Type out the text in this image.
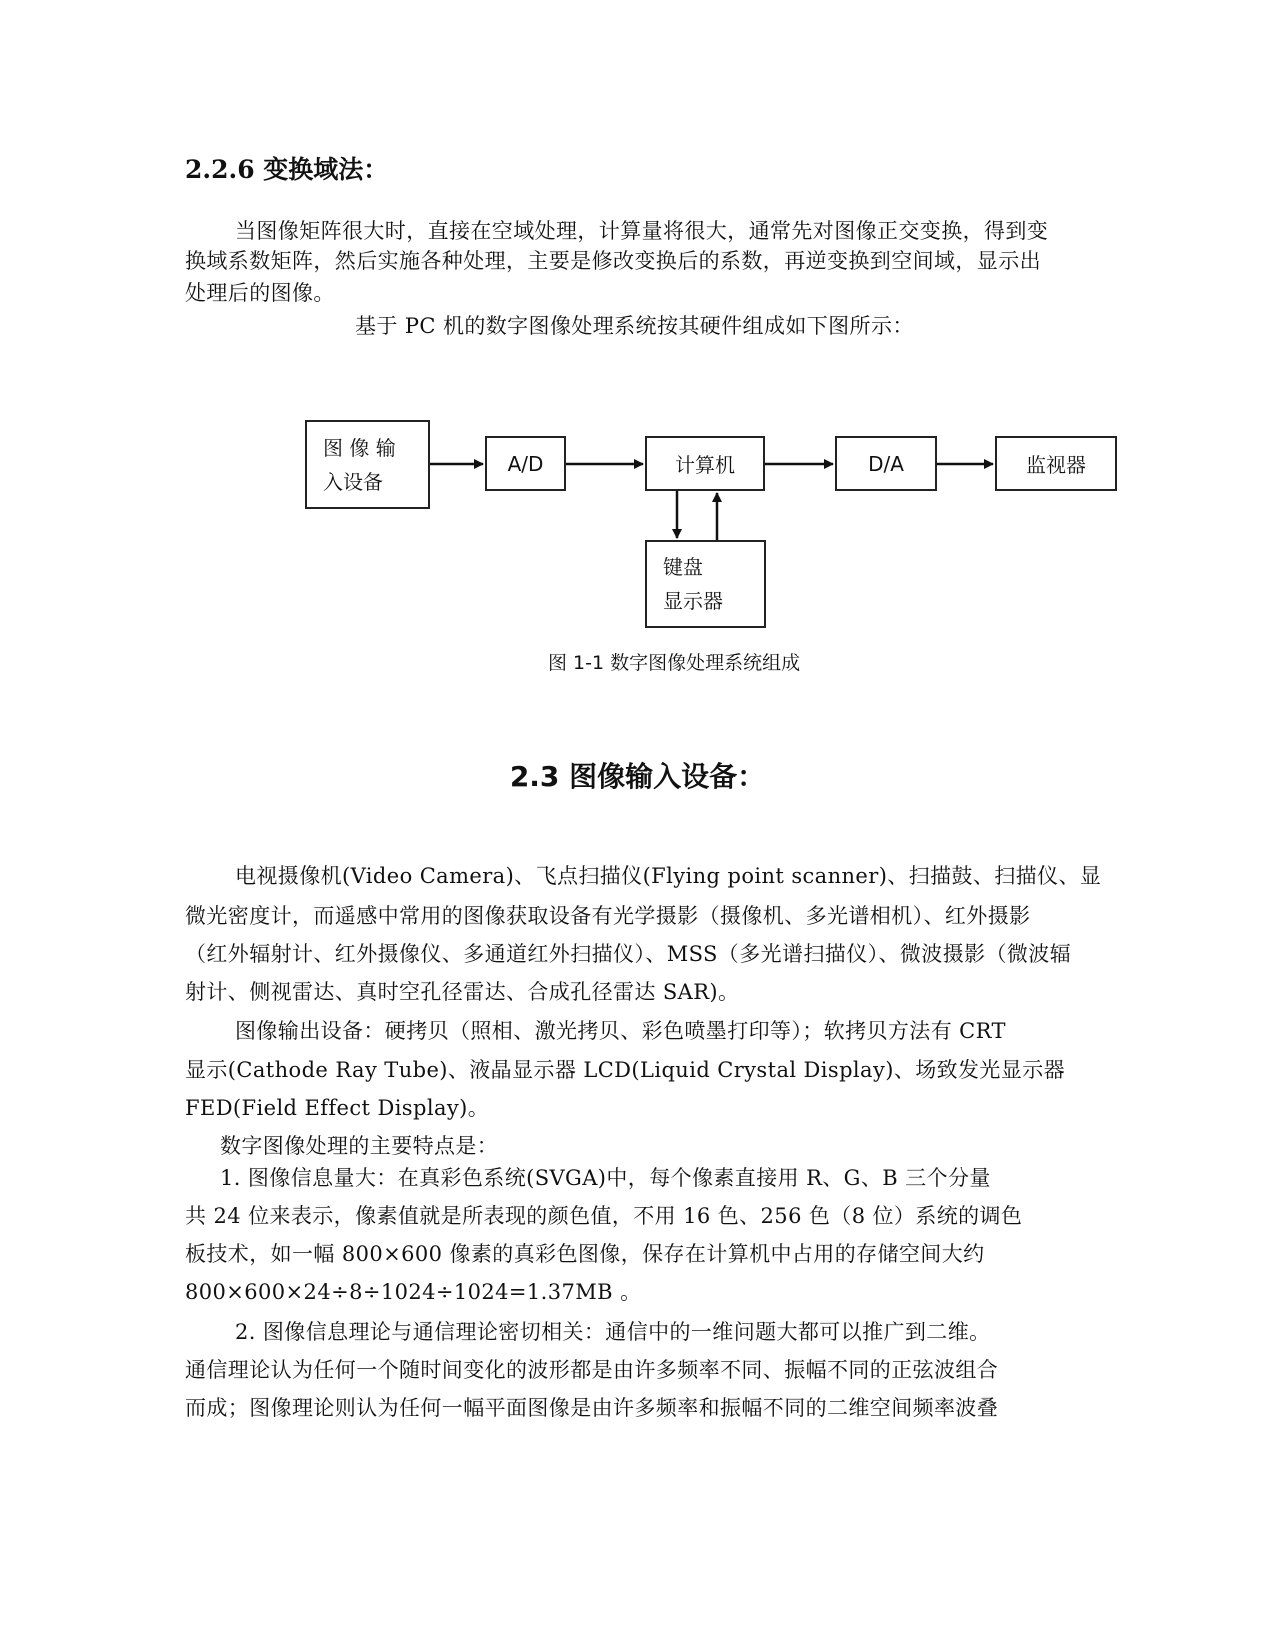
2.2.6 变换域法：

当图像矩阵很大时，直接在空域处理，计算量将很大，通常先对图像正交变换，得到变

换域系数矩阵，然后实施各种处理，主要是修改变换后的系数，再逆变换到空间域，显示出

处理后的图像。

基于 PC 机的数字图像处理系统按其硬件组成如下图所示：

图 像 输
入设备
A/D	计算机	D/A	监视器
键盘
显示器

图 1-1 数字图像处理系统组成

2.3 图像输入设备：

电视摄像机(Video Camera)、飞点扫描仪(Flying point scanner)、扫描鼓、扫描仪、显

微光密度计，而遥感中常用的图像获取设备有光学摄影（摄像机、多光谱相机）、红外摄影

（红外辐射计、红外摄像仪、多通道红外扫描仪）、MSS（多光谱扫描仪）、微波摄影（微波辐

射计、侧视雷达、真时空孔径雷达、合成孔径雷达 SAR)。

图像输出设备：硬拷贝（照相、激光拷贝、彩色喷墨打印等）；软拷贝方法有 CRT

显示(Cathode Ray Tube)、液晶显示器 LCD(Liquid Crystal Display)、场致发光显示器

FED(Field Effect Display)。

数字图像处理的主要特点是：

1. 图像信息量大：在真彩色系统(SVGA)中，每个像素直接用 R、G、B 三个分量

共 24 位来表示，像素值就是所表现的颜色值，不用 16 色、256 色（8 位）系统的调色

板技术，如一幅 800×600 像素的真彩色图像，保存在计算机中占用的存储空间大约

800×600×24÷8÷1024÷1024=1.37MB 。

2. 图像信息理论与通信理论密切相关：通信中的一维问题大都可以推广到二维。

通信理论认为任何一个随时间变化的波形都是由许多频率不同、振幅不同的正弦波组合

而成；图像理论则认为任何一幅平面图像是由许多频率和振幅不同的二维空间频率波叠
